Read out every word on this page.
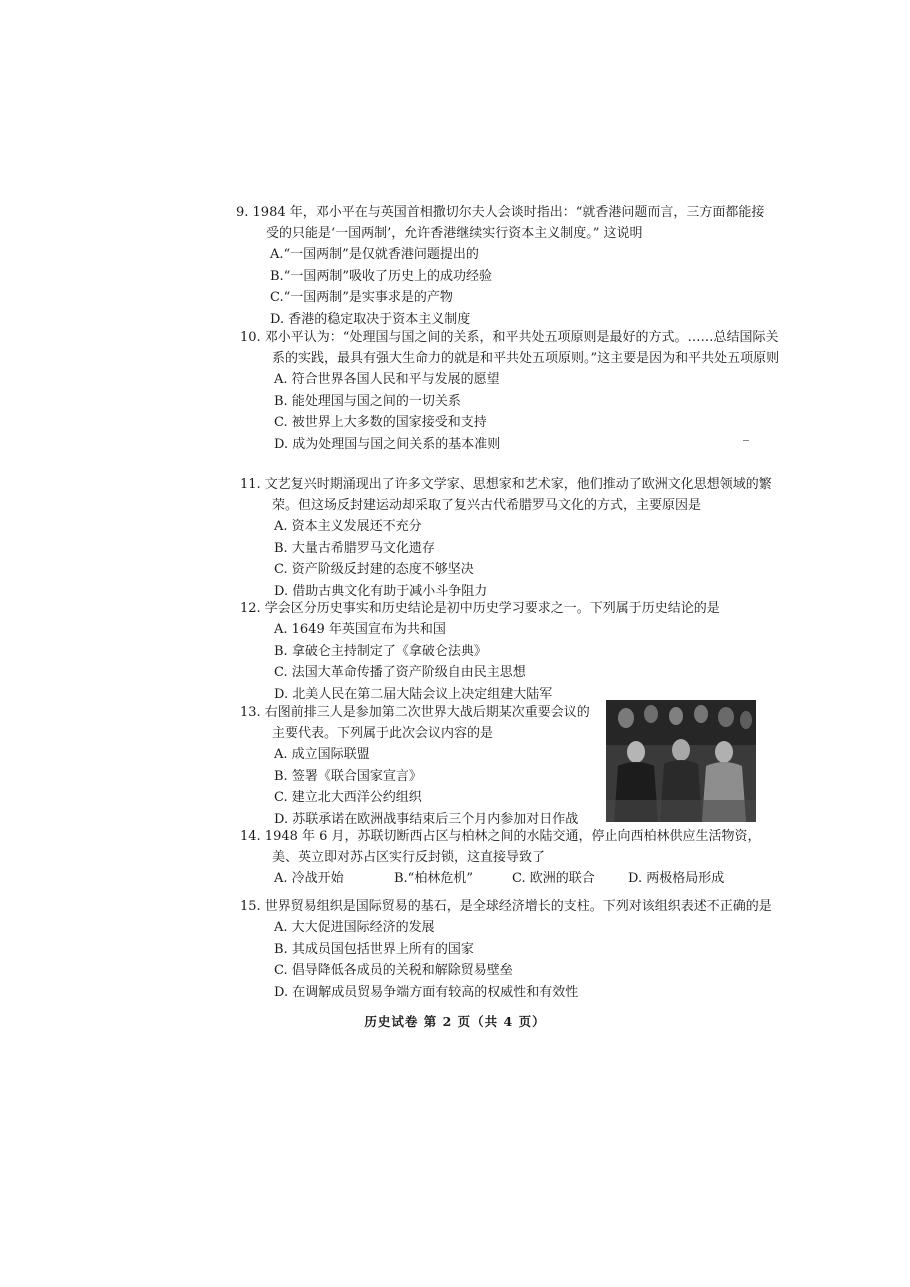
9. 1984 年，邓小平在与英国首相撒切尔夫人会谈时指出：“就香港问题而言，三方面都能接受的只能是‘一国两制’，允许香港继续实行资本主义制度。” 这说明

A.“一国两制”是仅就香港问题提出的

B.“一国两制”吸收了历史上的成功经验

C.“一国两制”是实事求是的产物

D. 香港的稳定取决于资本主义制度

10. 邓小平认为：“处理国与国之间的关系，和平共处五项原则是最好的方式。……总结国际关系的实践，最具有强大生命力的就是和平共处五项原则。”这主要是因为和平共处五项原则

A. 符合世界各国人民和平与发展的愿望

B. 能处理国与国之间的一切关系

C. 被世界上大多数的国家接受和支持

D. 成为处理国与国之间关系的基本准则

11. 文艺复兴时期涌现出了许多文学家、思想家和艺术家，他们推动了欧洲文化思想领域的繁荣。但这场反封建运动却采取了复兴古代希腊罗马文化的方式，主要原因是

A. 资本主义发展还不充分

B. 大量古希腊罗马文化遗存

C. 资产阶级反封建的态度不够坚决

D. 借助古典文化有助于减小斗争阻力

12. 学会区分历史事实和历史结论是初中历史学习要求之一。下列属于历史结论的是

A. 1649 年英国宣布为共和国

B. 拿破仑主持制定了《拿破仑法典》

C. 法国大革命传播了资产阶级自由民主思想

D. 北美人民在第二届大陆会议上决定组建大陆军

13. 右图前排三人是参加第二次世界大战后期某次重要会议的主要代表。下列属于此次会议内容的是

A. 成立国际联盟

B. 签署《联合国家宣言》

C. 建立北大西洋公约组织

D. 苏联承诺在欧洲战事结束后三个月内参加对日作战

14. 1948 年 6 月，苏联切断西占区与柏林之间的水陆交通，停止向西柏林供应生活物资，美、英立即对苏占区实行反封锁，这直接导致了

A. 冷战开始	B.“柏林危机”	C. 欧洲的联合	D. 两极格局形成

15. 世界贸易组织是国际贸易的基石，是全球经济增长的支柱。下列对该组织表述不正确的是

A. 大大促进国际经济的发展

B. 其成员国包括世界上所有的国家

C. 倡导降低各成员的关税和解除贸易壁垒

D. 在调解成员贸易争端方面有较高的权威性和有效性

历史试卷 第 2 页（共 4 页）
